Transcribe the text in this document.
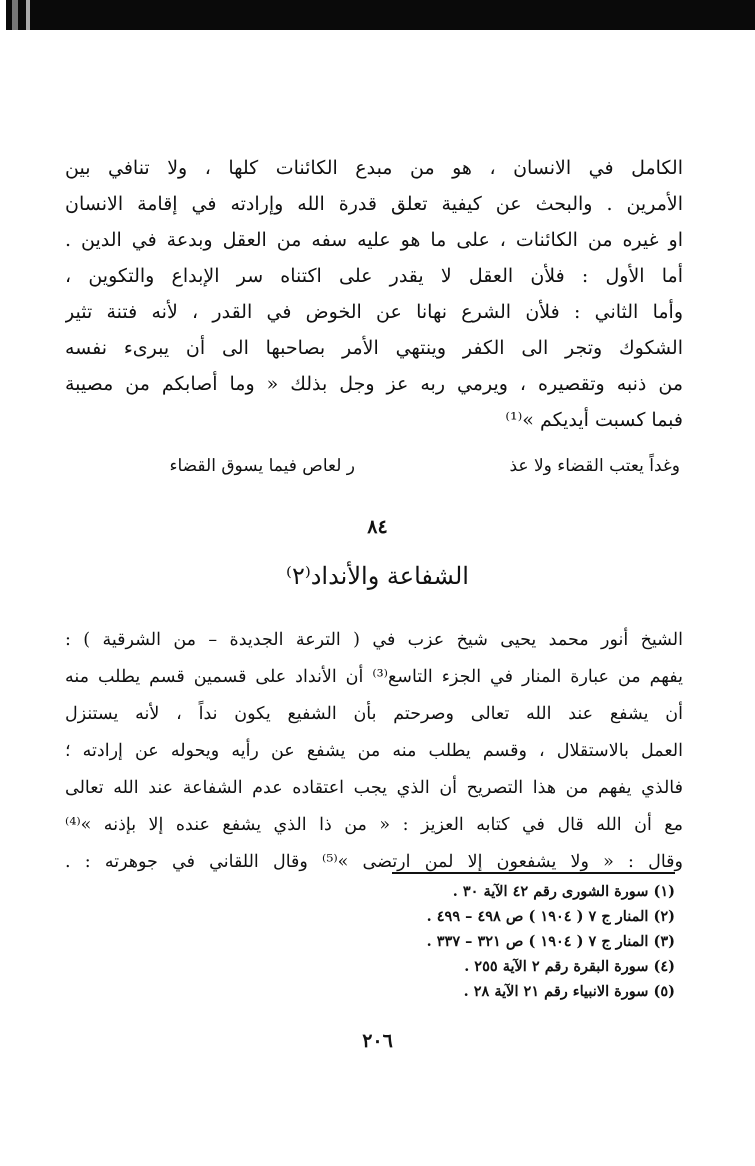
الكامل في الانسان ، هو من مبدع الكائنات كلها ، ولا تنافي بين
الأمرين . والبحث عن كيفية تعلق قدرة الله وإرادته في إقامة الانسان
او غيره من الكائنات ، على ما هو عليه سفه من العقل وبدعة في الدين .
أما الأول : فلأن العقل لا يقدر على اكتناه سر الإبداع والتكوين ،
وأما الثاني : فلأن الشرع نهانا عن الخوض في القدر ، لأنه فتنة تثير
الشكوك وتجر الى الكفر وينتهي الأمر بصاحبها الى أن يبرىء نفسه
من ذنبه وتقصيره ، ويرمي ربه عز وجل بذلك « وما أصابكم من مصيبة
فبما كسبت أيديكم »⁽¹⁾
وغداً يعتب القضاء ولا عذ
ر لعاص فيما يسوق القضاء
٨٤
الشفاعة والأنداد⁽٢⁾
الشيخ أنور محمد يحيى شيخ عزب في ( الترعة الجديدة – من الشرقية ) :
يفهم من عبارة المنار في الجزء التاسع⁽³⁾ أن الأنداد على قسمين قسم يطلب منه
أن يشفع عند الله تعالى وصرحتم بأن الشفيع يكون نداً ، لأنه يستنزل
العمل بالاستقلال ، وقسم يطلب منه من يشفع عن رأيه ويحوله عن إرادته ؛
فالذي يفهم من هذا التصريح أن الذي يجب اعتقاده عدم الشفاعة عند الله تعالى
مع أن الله قال في كتابه العزيز : « من ذا الذي يشفع عنده إلا بإذنه »⁽⁴⁾
وقال : « ولا يشفعون إلا لمن ارتضى »⁽⁵⁾ وقال اللقاني في جوهرته : .
(١) سورة الشورى رقم ٤٢ الآية ٣٠ .
(٢) المنار ج ٧ ( ١٩٠٤ ) ص ٤٩٨ – ٤٩٩ .
(٣) المنار ج ٧ ( ١٩٠٤ ) ص ٣٢١ – ٣٣٧ .
(٤) سورة البقرة رقم ٢ الآية ٢٥٥ .
(٥) سورة الانبياء رقم ٢١ الآية ٢٨ .
٢٠٦
